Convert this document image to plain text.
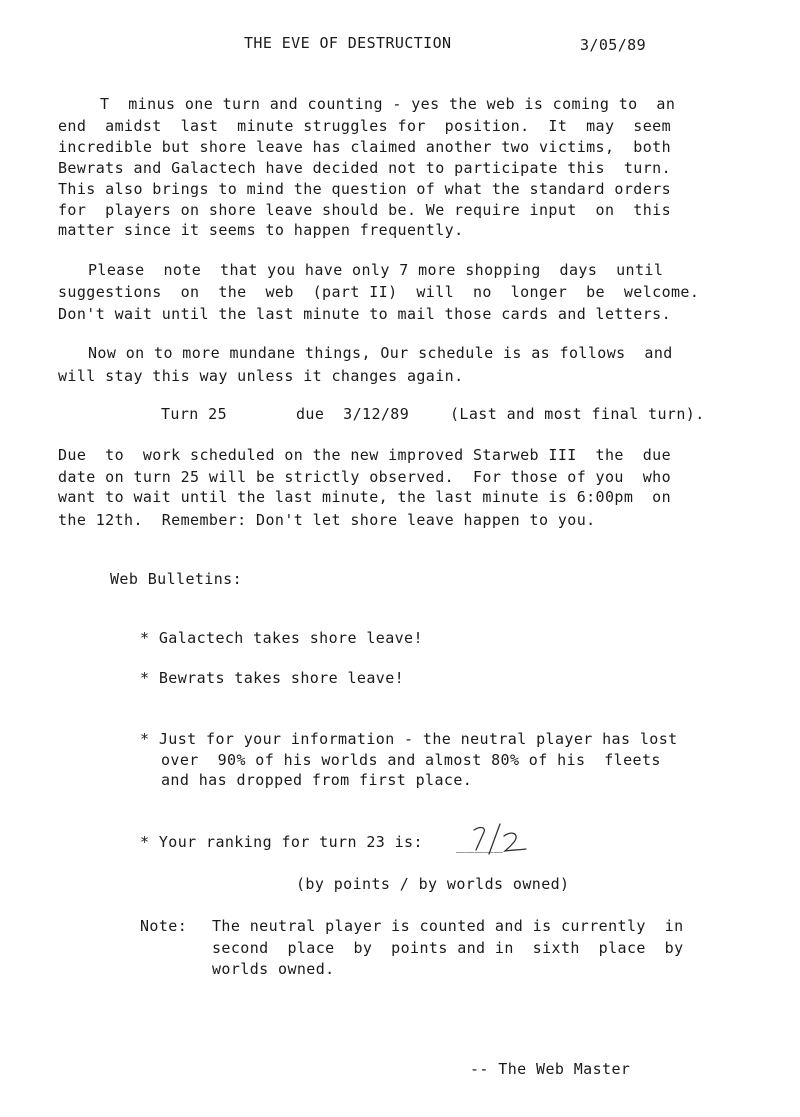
THE EVE OF DESTRUCTION	3/05/89
T  minus one turn and counting - yes the web is coming to  an
end  amidst  last  minute struggles for  position.  It  may  seem
incredible but shore leave has claimed another two victims,  both
Bewrats and Galactech have decided not to participate this  turn.
This also brings to mind the question of what the standard orders
for  players on shore leave should be. We require input  on  this
matter since it seems to happen frequently.
Please  note  that you have only 7 more shopping  days  until
suggestions  on  the  web  (part II)  will  no  longer  be  welcome.
Don't wait until the last minute to mail those cards and letters.
Now on to more mundane things, Our schedule is as follows  and
will stay this way unless it changes again.
Turn 25	due  3/12/89	(Last and most final turn).
Due  to  work scheduled on the new improved Starweb III  the  due
date on turn 25 will be strictly observed.  For those of you  who
want to wait until the last minute, the last minute is 6:00pm  on
the 12th.  Remember: Don't let shore leave happen to you.
Web Bulletins:
* Galactech takes shore leave!
* Bewrats takes shore leave!
* Just for your information - the neutral player has lost
over  90% of his worlds and almost 80% of his  fleets
and has dropped from first place.
* Your ranking for turn 23 is: _____
(by points / by worlds owned)
Note: The neutral player is counted and is currently  in
second  place  by  points and in  sixth  place  by
worlds owned.
-- The Web Master
